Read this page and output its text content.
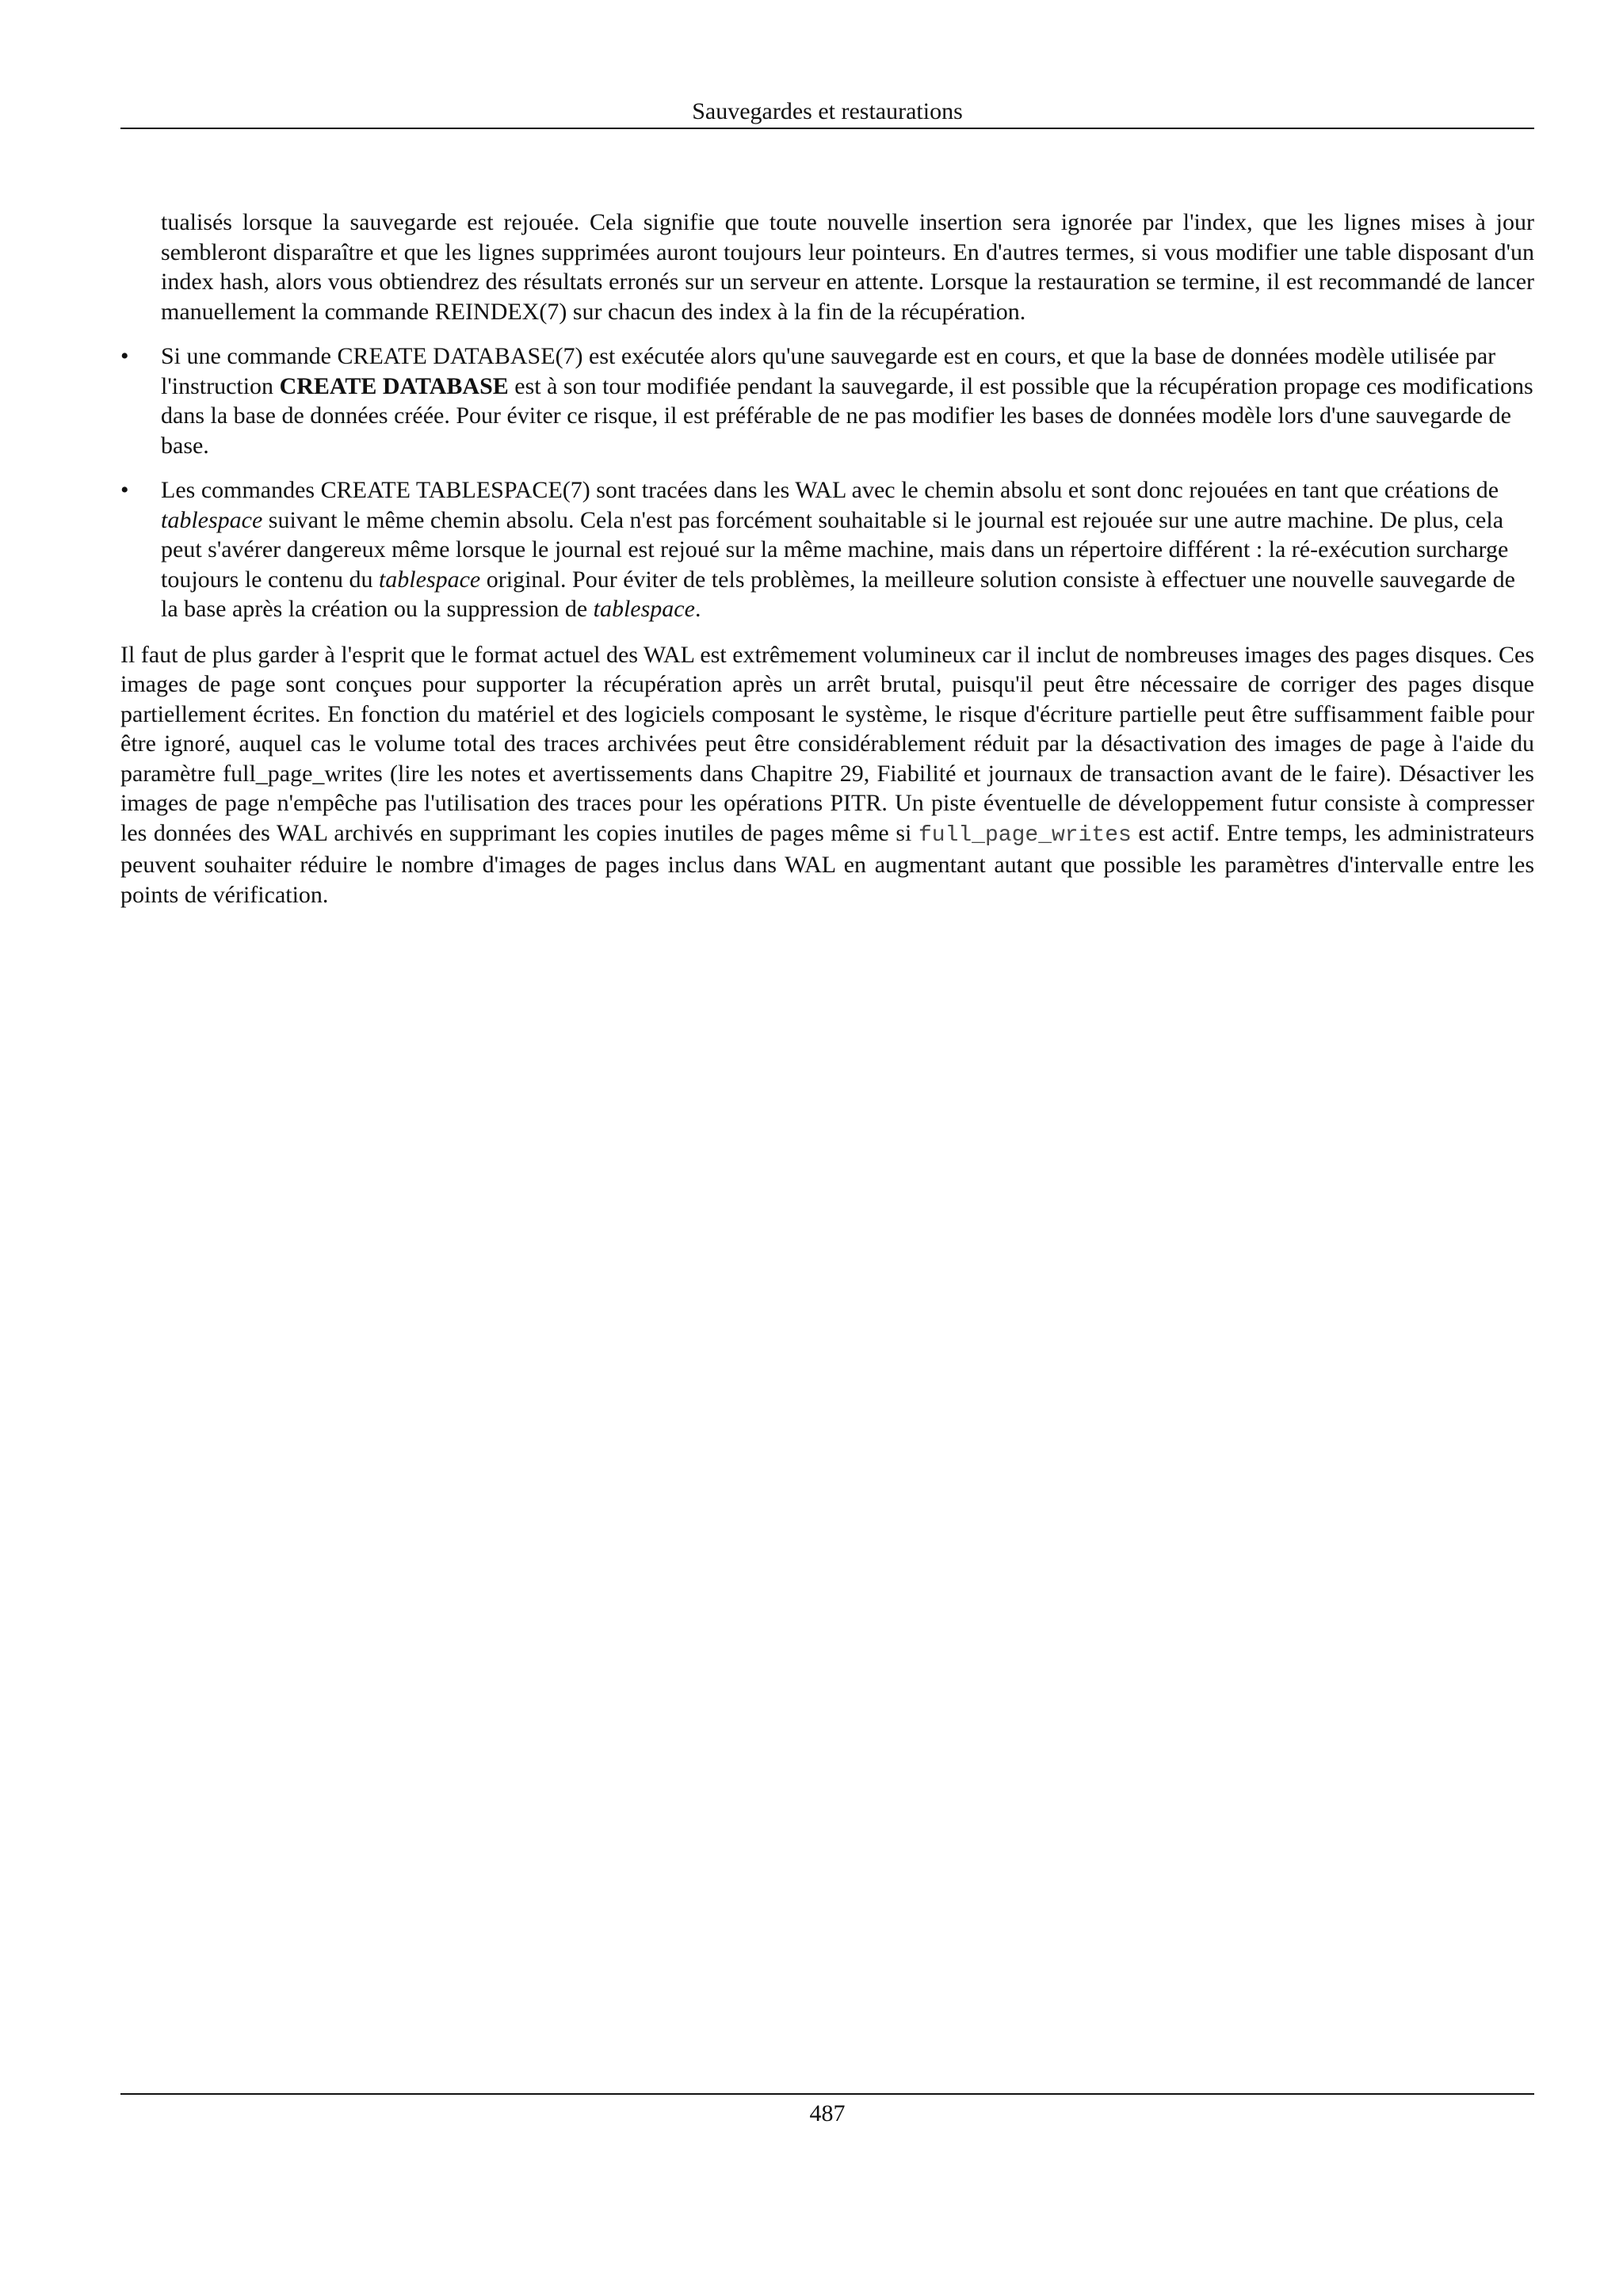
Sauvegardes et restaurations

tualisés lorsque la sauvegarde est rejouée. Cela signifie que toute nouvelle insertion sera ignorée par l'index, que les lignes mises à jour sembleront disparaître et que les lignes supprimées auront toujours leur pointeurs. En d'autres termes, si vous modifier une table disposant d'un index hash, alors vous obtiendrez des résultats erronés sur un serveur en attente. Lorsque la restauration se termine, il est recommandé de lancer manuellement la commande REINDEX(7) sur chacun des index à la fin de la récupération.

•	Si une commande CREATE DATABASE(7) est exécutée alors qu'une sauvegarde est en cours, et que la base de données modèle utilisée par l'instruction CREATE DATABASE est à son tour modifiée pendant la sauvegarde, il est possible que la récupération propage ces modifications dans la base de données créée. Pour éviter ce risque, il est préférable de ne pas modifier les bases de données modèle lors d'une sauvegarde de base.
•	Les commandes CREATE TABLESPACE(7) sont tracées dans les WAL avec le chemin absolu et sont donc rejouées en tant que créations de tablespace suivant le même chemin absolu. Cela n'est pas forcément souhaitable si le journal est rejouée sur une autre machine. De plus, cela peut s'avérer dangereux même lorsque le journal est rejoué sur la même machine, mais dans un répertoire différent : la ré-exécution surcharge toujours le contenu du tablespace original. Pour éviter de tels problèmes, la meilleure solution consiste à effectuer une nouvelle sauvegarde de la base après la création ou la suppression de tablespace.

Il faut de plus garder à l'esprit que le format actuel des WAL est extrêmement volumineux car il inclut de nombreuses images des pages disques. Ces images de page sont conçues pour supporter la récupération après un arrêt brutal, puisqu'il peut être nécessaire de corriger des pages disque partiellement écrites. En fonction du matériel et des logiciels composant le système, le risque d'écriture partielle peut être suffisamment faible pour être ignoré, auquel cas le volume total des traces archivées peut être considérablement réduit par la désactivation des images de page à l'aide du paramètre full_page_writes (lire les notes et avertissements dans Chapitre 29, Fiabilité et journaux de transaction avant de le faire). Désactiver les images de page n'empêche pas l'utilisation des traces pour les opérations PITR. Un piste éventuelle de développement futur consiste à compresser les données des WAL archivés en supprimant les copies inutiles de pages même si full_page_writes est actif. Entre temps, les administrateurs peuvent souhaiter réduire le nombre d'images de pages inclus dans WAL en augmentant autant que possible les paramètres d'intervalle entre les points de vérification.

487
